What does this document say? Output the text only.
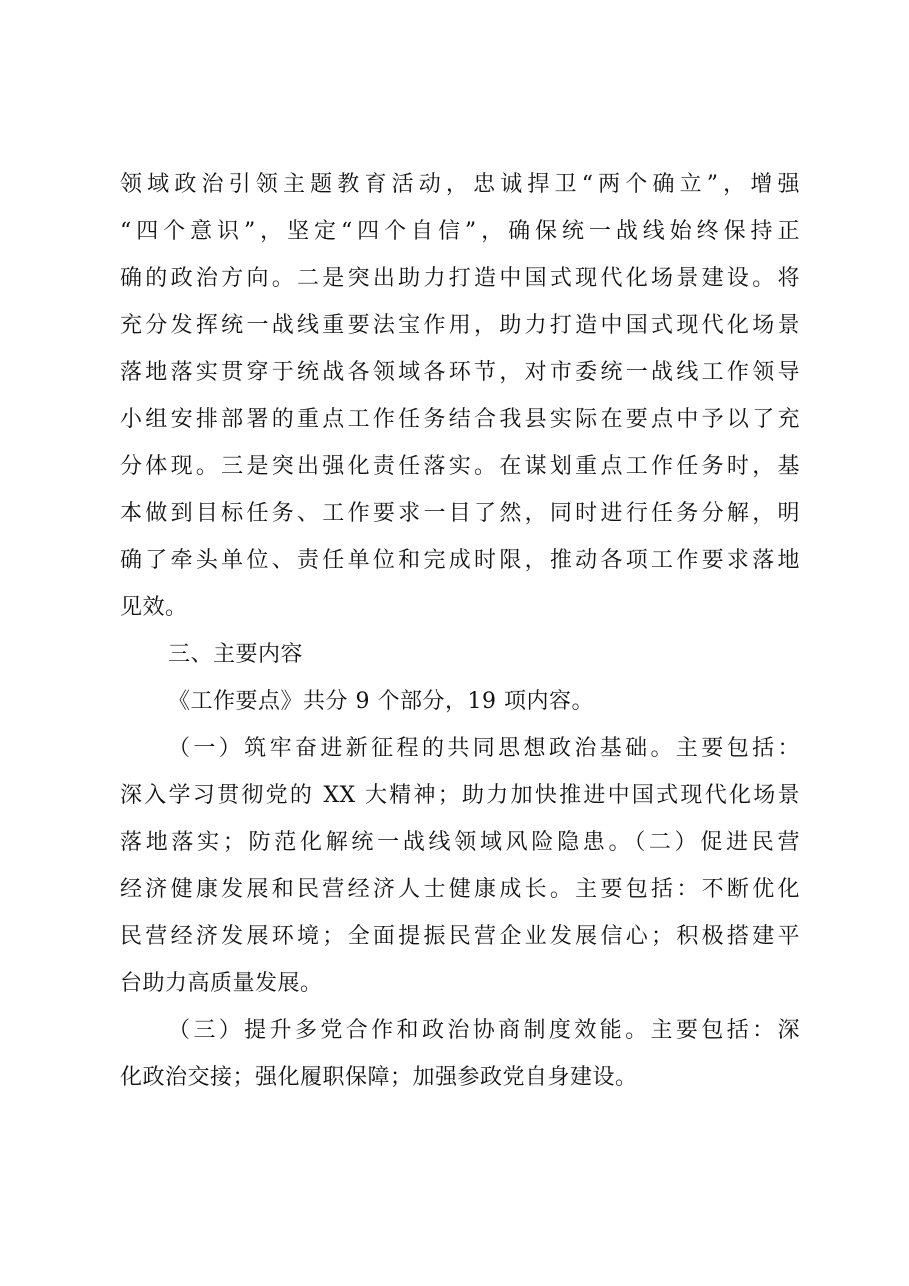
领域政治引领主题教育活动，忠诚捍卫“两个确立”，增强
“四个意识”，坚定“四个自信”，确保统一战线始终保持正
确的政治方向。二是突出助力打造中国式现代化场景建设。将
充分发挥统一战线重要法宝作用，助力打造中国式现代化场景
落地落实贯穿于统战各领域各环节，对市委统一战线工作领导
小组安排部署的重点工作任务结合我县实际在要点中予以了充
分体现。三是突出强化责任落实。在谋划重点工作任务时，基
本做到目标任务、工作要求一目了然，同时进行任务分解，明
确了牵头单位、责任单位和完成时限，推动各项工作要求落地
见效。
三、主要内容
《工作要点》共分 9 个部分，19 项内容。
（一）筑牢奋进新征程的共同思想政治基础。主要包括：
深入学习贯彻党的 XX 大精神；助力加快推进中国式现代化场景
落地落实；防范化解统一战线领域风险隐患。（二）促进民营
经济健康发展和民营经济人士健康成长。主要包括：不断优化
民营经济发展环境；全面提振民营企业发展信心；积极搭建平
台助力高质量发展。
（三）提升多党合作和政治协商制度效能。主要包括：深
化政治交接；强化履职保障；加强参政党自身建设。
